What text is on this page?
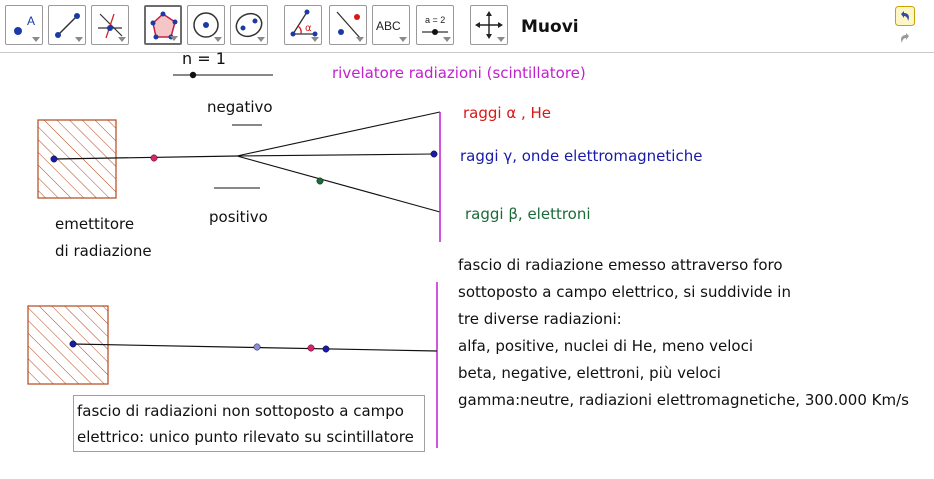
A
α	ABC	a = 2	Muovi
n = 1
rivelatore radiazioni (scintillatore)
negativo
positivo
emettitore
di radiazione
raggi α , He
raggi γ, onde elettromagnetiche
raggi β, elettroni
fascio di radiazione emesso attraverso foro
sottoposto a campo elettrico, si suddivide in
tre diverse radiazioni:
alfa, positive, nuclei di He, meno veloci
beta, negative, elettroni, più veloci
gamma:neutre, radiazioni elettromagnetiche, 300.000 Km/s
fascio di radiazioni non sottoposto a campo
elettrico: unico punto rilevato su scintillatore
